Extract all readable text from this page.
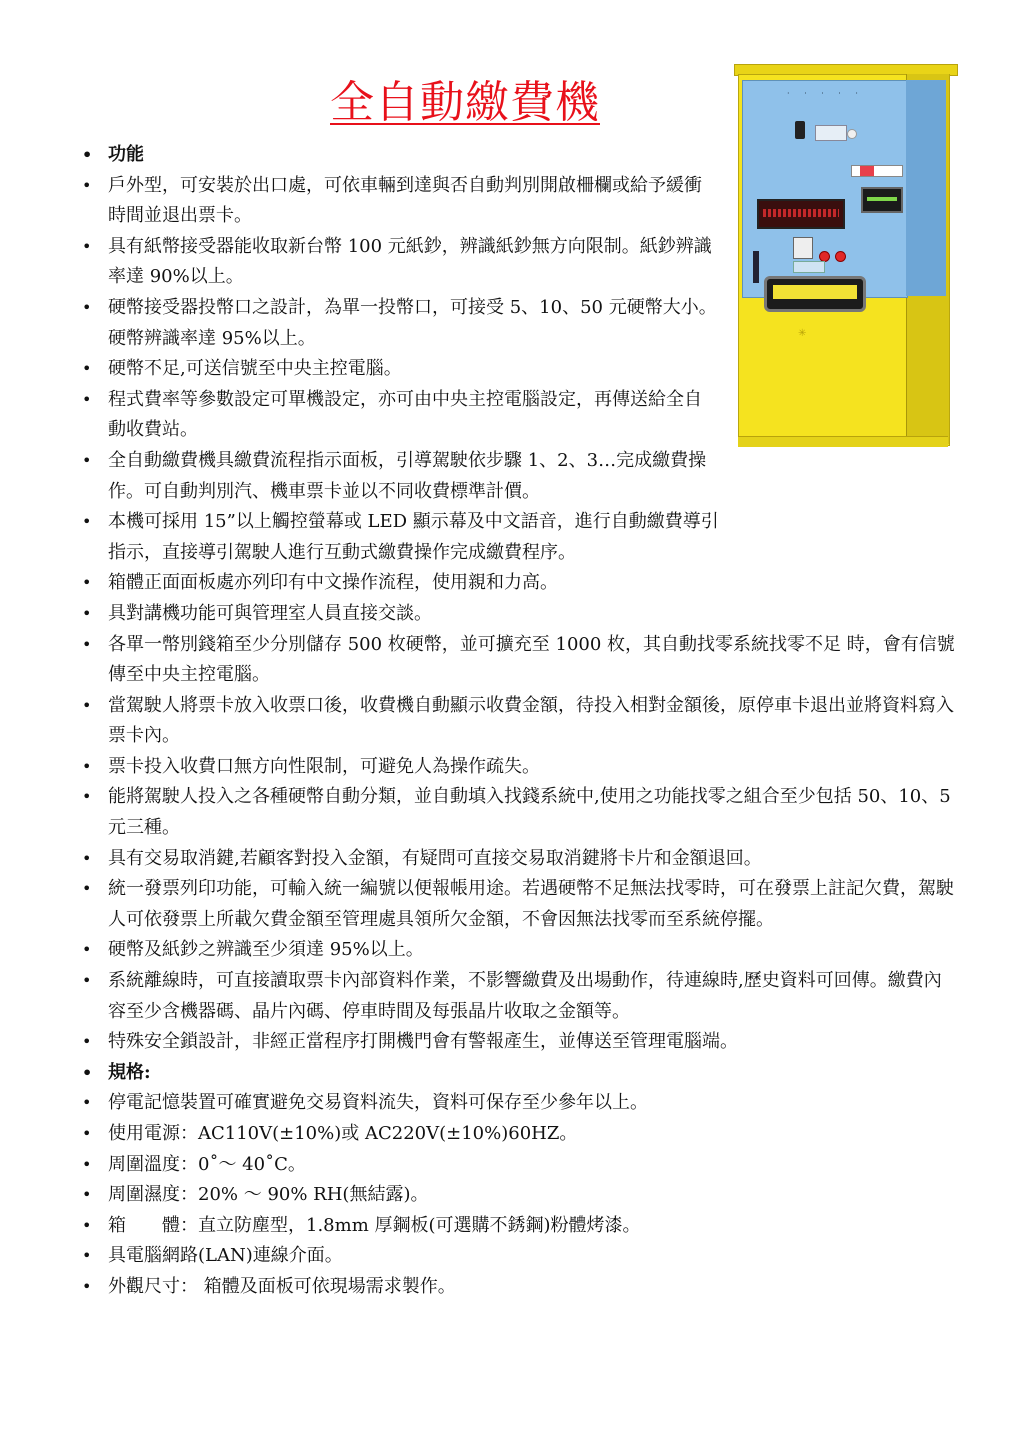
全自動繳費機
• 功能
• 戶外型，可安裝於出口處，可依車輛到達與否自動判別開啟柵欄或給予緩衝時間並退出票卡。
• 具有紙幣接受器能收取新台幣 100 元紙鈔，辨識紙鈔無方向限制。紙鈔辨識率達 90%以上。
• 硬幣接受器投幣口之設計，為單一投幣口，可接受 5、10、50 元硬幣大小。硬幣辨識率達 95%以上。
• 硬幣不足,可送信號至中央主控電腦。
• 程式費率等參數設定可單機設定，亦可由中央主控電腦設定，再傳送給全自動收費站。
• 全自動繳費機具繳費流程指示面板，引導駕駛依步驟 1、2、3…完成繳費操作。可自動判別汽、機車票卡並以不同收費標準計價。
• 本機可採用 15”以上觸控螢幕或 LED 顯示幕及中文語音，進行自動繳費導引指示，直接導引駕駛人進行互動式繳費操作完成繳費程序。
• 箱體正面面板處亦列印有中文操作流程，使用親和力高。
• 具對講機功能可與管理室人員直接交談。
• 各單一幣別錢箱至少分別儲存 500 枚硬幣，並可擴充至 1000 枚，其自動找零系統找零不足 時，會有信號傳至中央主控電腦。
• 當駕駛人將票卡放入收票口後，收費機自動顯示收費金額，待投入相對金額後，原停車卡退出並將資料寫入票卡內。
• 票卡投入收費口無方向性限制，可避免人為操作疏失。
• 能將駕駛人投入之各種硬幣自動分類，並自動填入找錢系統中,使用之功能找零之組合至少包括 50、10、5 元三種。
• 具有交易取消鍵,若顧客對投入金額，有疑問可直接交易取消鍵將卡片和金額退回。
• 統一發票列印功能，可輸入統一編號以便報帳用途。若遇硬幣不足無法找零時，可在發票上註記欠費，駕駛人可依發票上所載欠費金額至管理處具領所欠金額，不會因無法找零而至系統停擺。
• 硬幣及紙鈔之辨識至少須達 95%以上。
• 系統離線時，可直接讀取票卡內部資料作業，不影響繳費及出場動作，待連線時,歷史資料可回傳。繳費內容至少含機器碼、晶片內碼、停車時間及每張晶片收取之金額等。
• 特殊安全鎖設計，非經正當程序打開機門會有警報產生，並傳送至管理電腦端。
• 規格:
• 停電記憶裝置可確實避免交易資料流失，資料可保存至少參年以上。
• 使用電源：AC110V(±10%)或 AC220V(±10%)60HZ。
• 周圍溫度：0˚～ 40˚C。
• 周圍濕度：20% ～ 90% RH(無結露)。
• 箱　　體：直立防塵型，1.8mm 厚鋼板(可選購不銹鋼)粉體烤漆。
• 具電腦網路(LAN)連線介面。
• 外觀尺寸： 箱體及面板可依現場需求製作。
· · · · ·
✳
